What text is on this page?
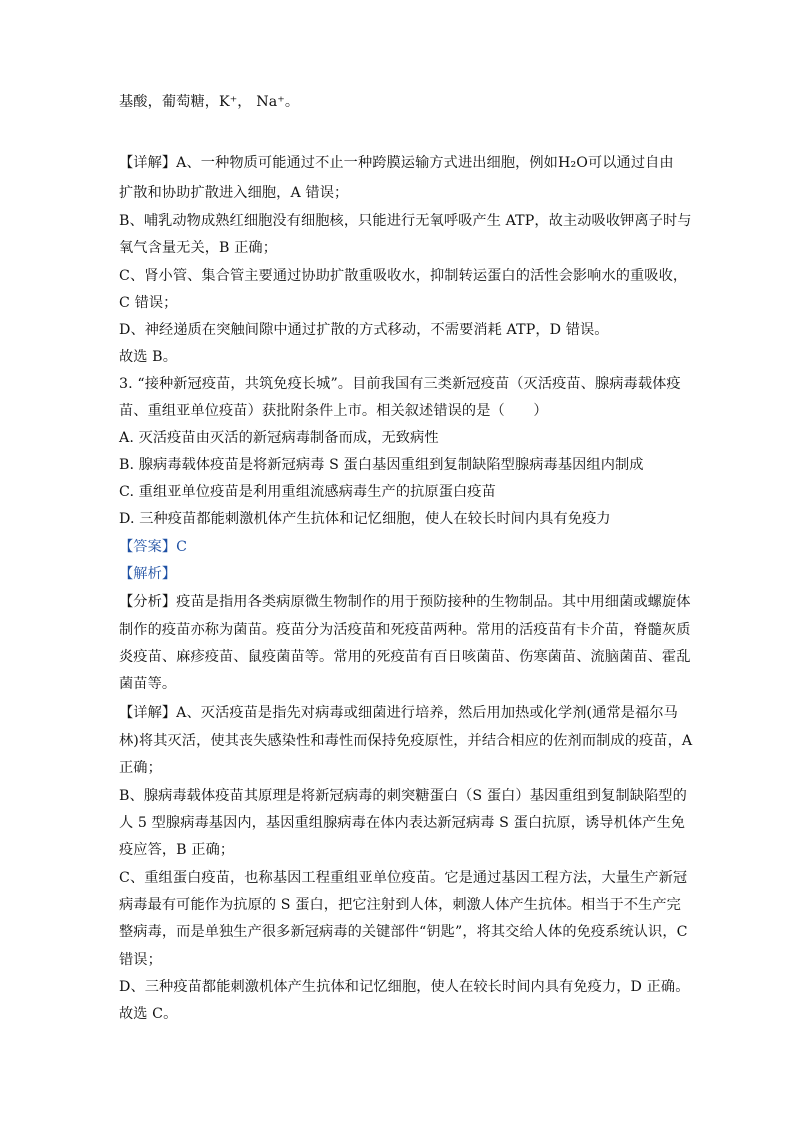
基酸，葡萄糖，K⁺， Na⁺。
【详解】A、一种物质可能通过不止一种跨膜运输方式进出细胞，例如H₂O可以通过自由
扩散和协助扩散进入细胞，A 错误；
B、哺乳动物成熟红细胞没有细胞核，只能进行无氧呼吸产生 ATP，故主动吸收钾离子时与
氧气含量无关，B 正确；
C、肾小管、集合管主要通过协助扩散重吸收水，抑制转运蛋白的活性会影响水的重吸收，
C 错误；
D、神经递质在突触间隙中通过扩散的方式移动，不需要消耗 ATP，D 错误。
故选 B。
3. “接种新冠疫苗，共筑免疫长城”。目前我国有三类新冠疫苗（灭活疫苗、腺病毒载体疫
苗、重组亚单位疫苗）获批附条件上市。相关叙述错误的是（　　）
A. 灭活疫苗由灭活的新冠病毒制备而成，无致病性
B. 腺病毒载体疫苗是将新冠病毒 S 蛋白基因重组到复制缺陷型腺病毒基因组内制成
C. 重组亚单位疫苗是利用重组流感病毒生产的抗原蛋白疫苗
D. 三种疫苗都能刺激机体产生抗体和记忆细胞，使人在较长时间内具有免疫力
【答案】C
【解析】
【分析】疫苗是指用各类病原微生物制作的用于预防接种的生物制品。其中用细菌或螺旋体
制作的疫苗亦称为菌苗。疫苗分为活疫苗和死疫苗两种。常用的活疫苗有卡介苗，脊髓灰质
炎疫苗、麻疹疫苗、鼠疫菌苗等。常用的死疫苗有百日咳菌苗、伤寒菌苗、流脑菌苗、霍乱
菌苗等。
【详解】A、灭活疫苗是指先对病毒或细菌进行培养，然后用加热或化学剂(通常是福尔马
林)将其灭活，使其丧失感染性和毒性而保持免疫原性，并结合相应的佐剂而制成的疫苗，A
正确；
B、腺病毒载体疫苗其原理是将新冠病毒的刺突糖蛋白（S 蛋白）基因重组到复制缺陷型的
人 5 型腺病毒基因内，基因重组腺病毒在体内表达新冠病毒 S 蛋白抗原，诱导机体产生免
疫应答，B 正确；
C、重组蛋白疫苗，也称基因工程重组亚单位疫苗。它是通过基因工程方法，大量生产新冠
病毒最有可能作为抗原的 S 蛋白，把它注射到人体，刺激人体产生抗体。相当于不生产完
整病毒，而是单独生产很多新冠病毒的关键部件“钥匙”，将其交给人体的免疫系统认识，C
错误；
D、三种疫苗都能刺激机体产生抗体和记忆细胞，使人在较长时间内具有免疫力，D 正确。
故选 C。
